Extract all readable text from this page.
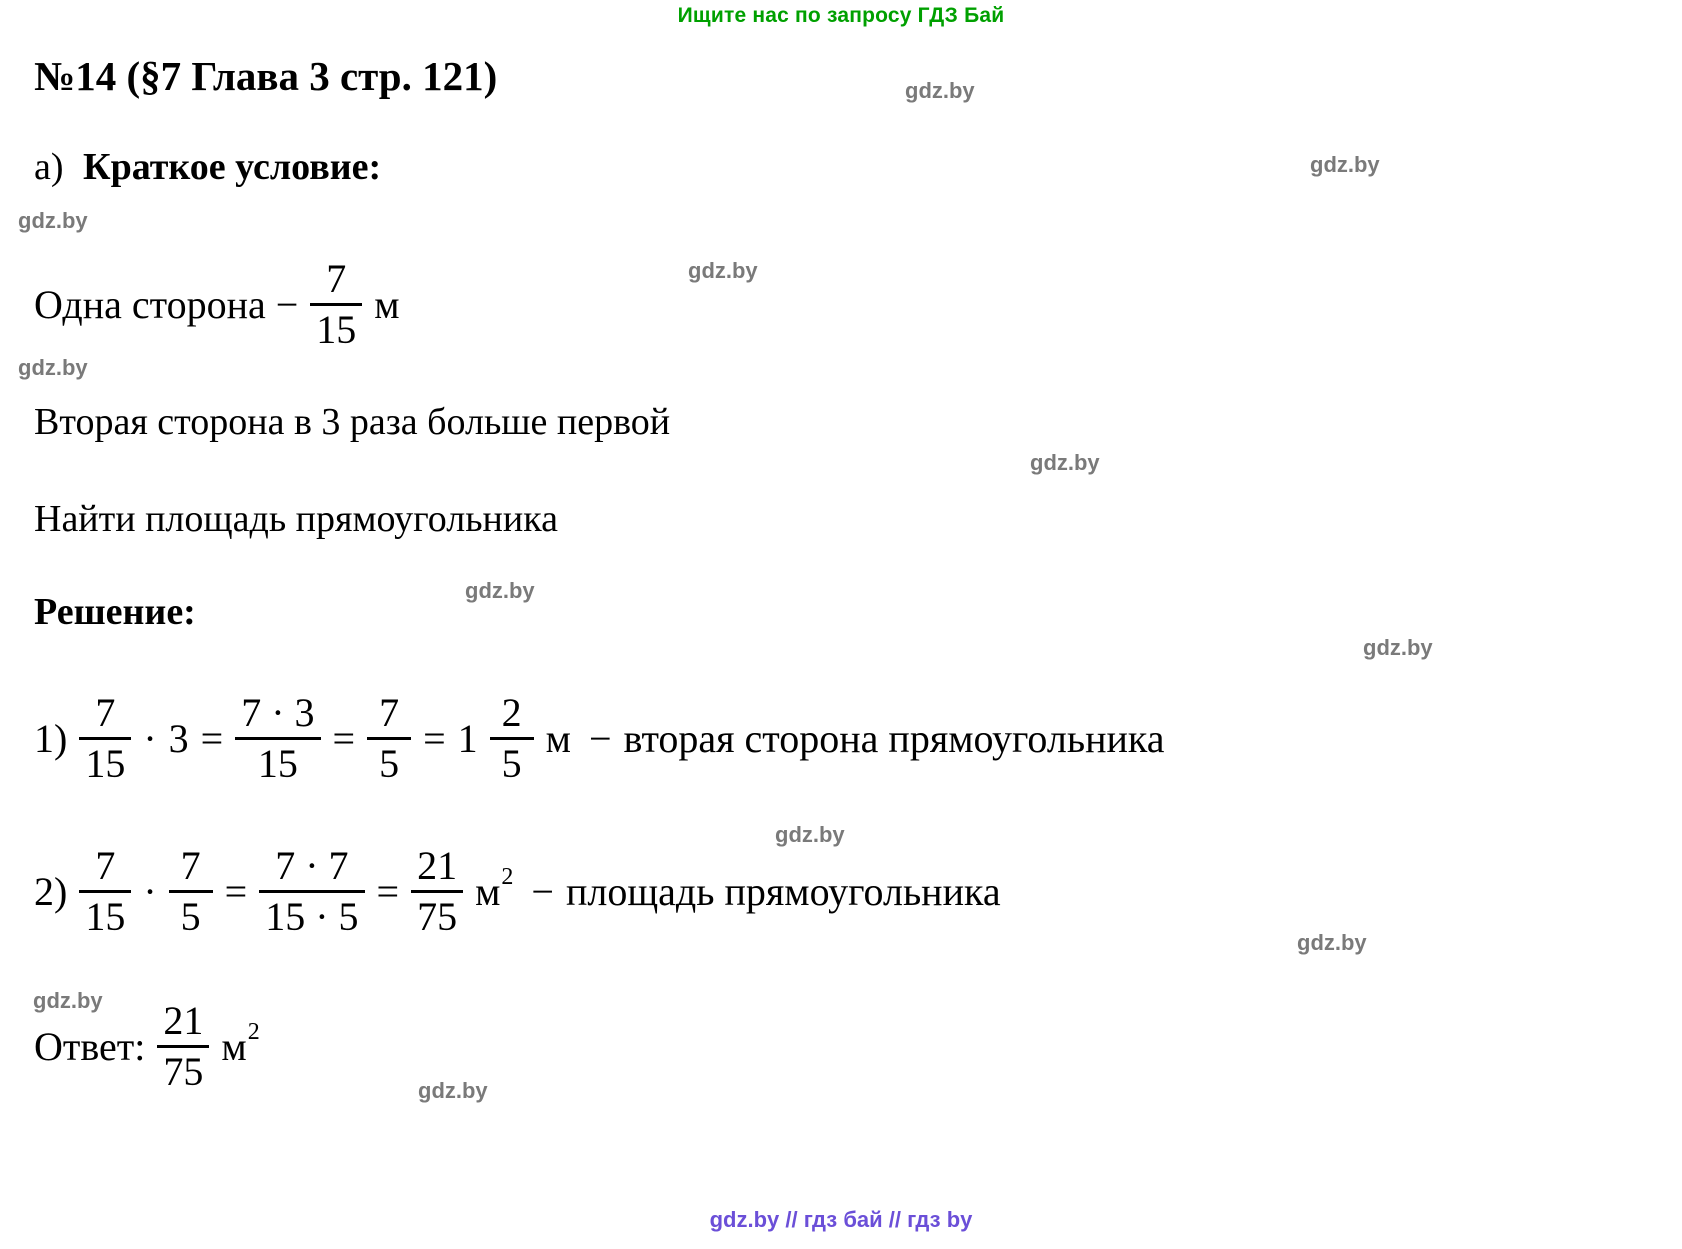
Ищите нас по запросу ГДЗ Бай
gdz.by
gdz.by
gdz.by
gdz.by
gdz.by
gdz.by
gdz.by
gdz.by
gdz.by
gdz.by
gdz.by
gdz.by
№14 (§7 Глава 3 стр. 121)
а) Краткое условие:
Одна сторона − $\frac{7}{15}$ м
Вторая сторона в 3 раза больше первой
Найти площадь прямоугольника
Решение:
$1) \frac{7}{15} \cdot 3 = \frac{7 \cdot 3}{15} = \frac{7}{5} = 1 \frac{2}{5}$ м − вторая сторона прямоугольника
$2) \frac{7}{15} \cdot \frac{7}{5} = \frac{7 \cdot 7}{15 \cdot 5} = \frac{21}{75}$ м 2 − площадь прямоугольника
Ответ: $\frac{21}{75}$ м 2
gdz.by // гдз бай // гдз by
